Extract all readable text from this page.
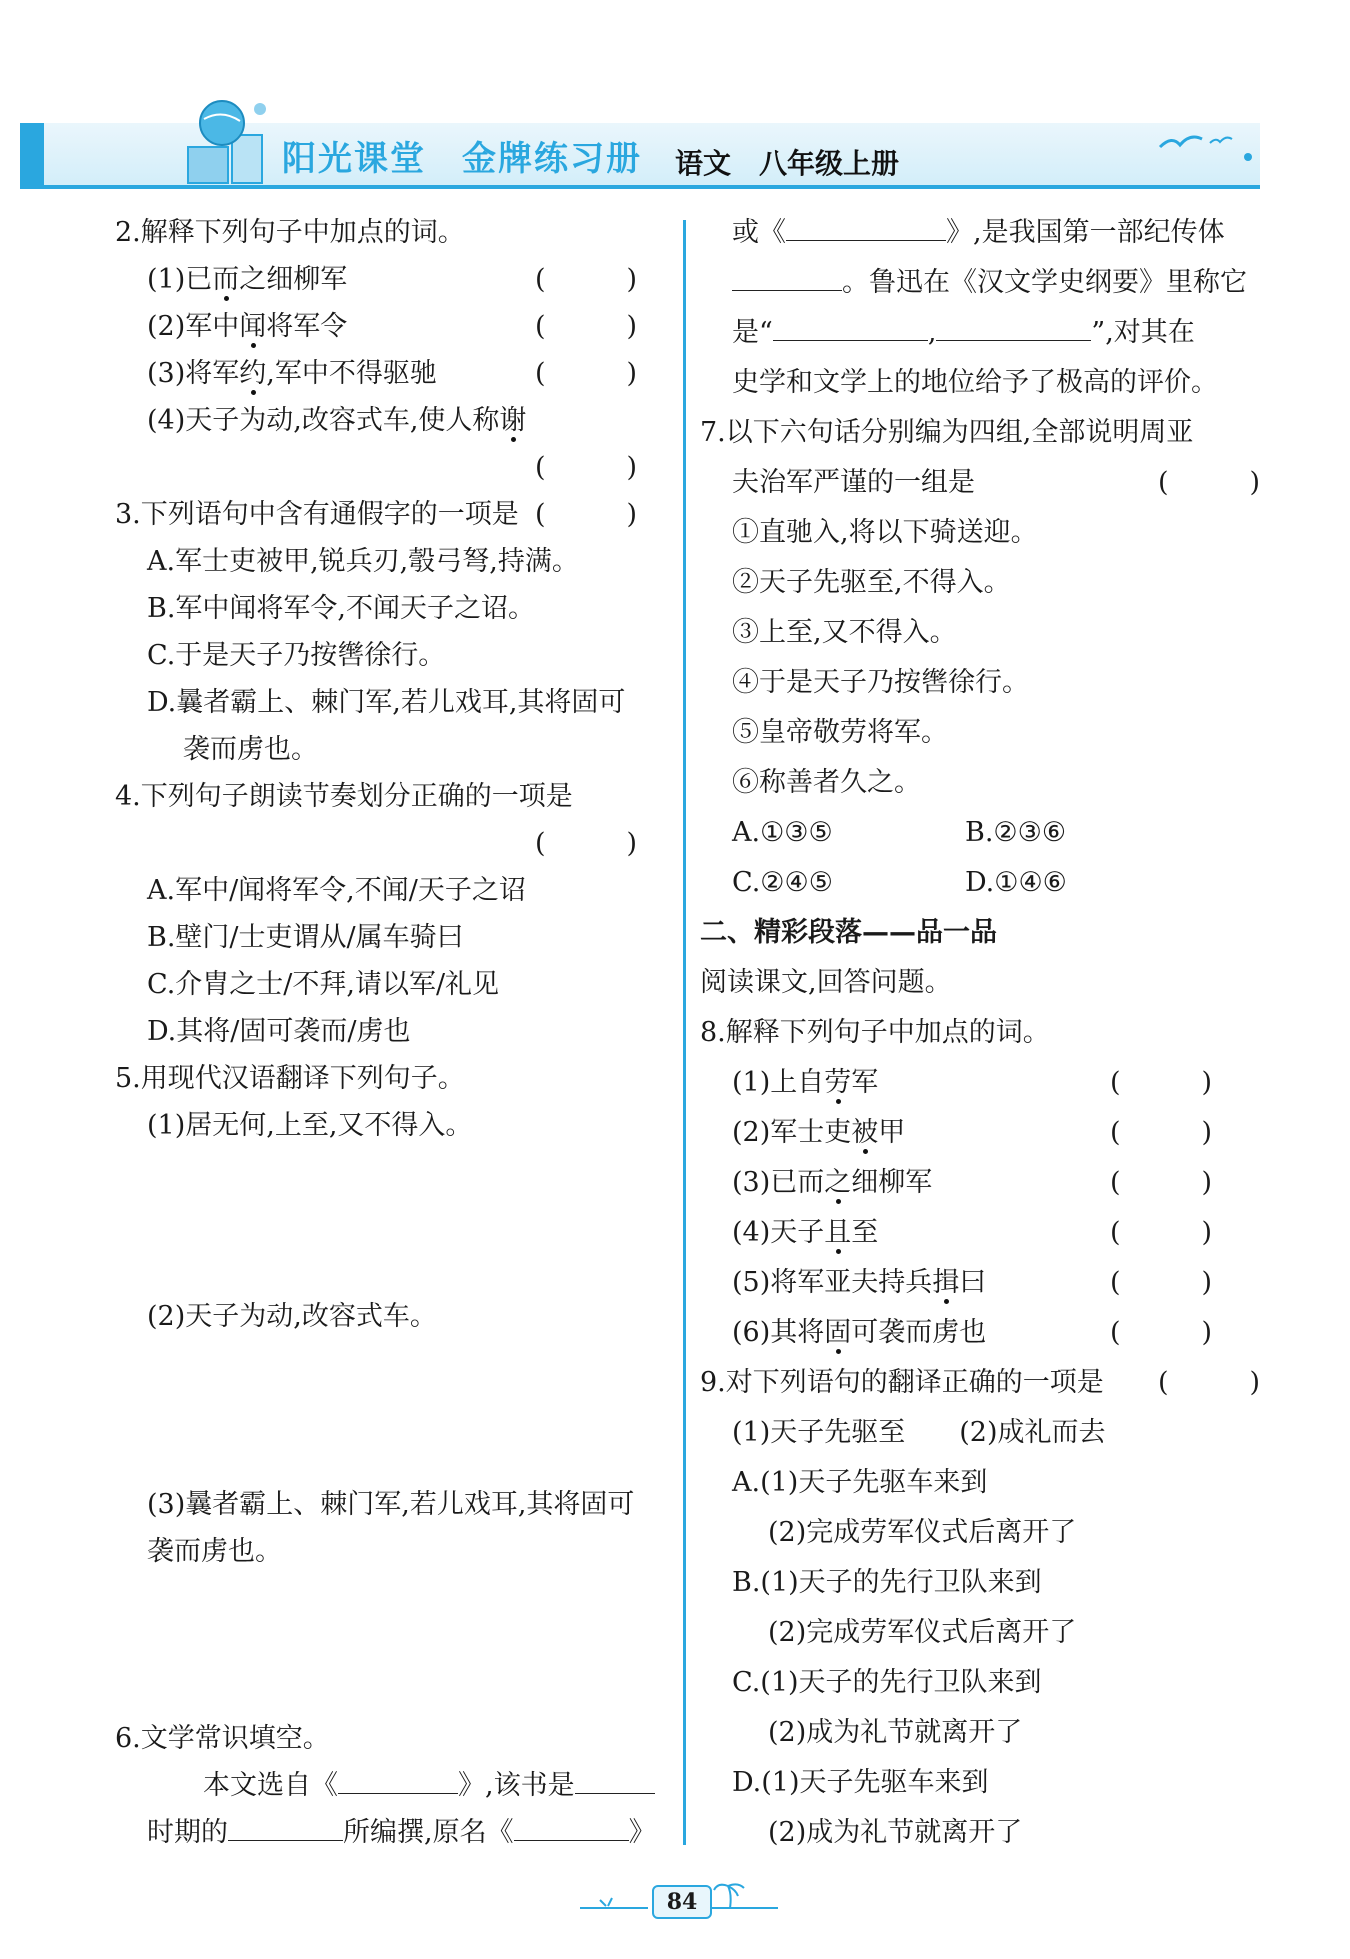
阳光课堂　金牌练习册 语文　八年级上册
2.解释下列句子中加点的词。
(1)已而之细柳军	(　　　)
(2)军中闻将军令	(　　　)
(3)将军约,军中不得驱驰	(　　　)
(4)天子为动,改容式车,使人称谢
(　　　)
3.下列语句中含有通假字的一项是 (　　　)
A.军士吏被甲,锐兵刃,彀弓弩,持满。
B.军中闻将军令,不闻天子之诏。
C.于是天子乃按辔徐行。
D.曩者霸上、棘门军,若儿戏耳,其将固可
袭而虏也。
4.下列句子朗读节奏划分正确的一项是
(　　　)
A.军中/闻将军令,不闻/天子之诏
B.壁门/士吏谓从/属车骑曰
C.介胄之士/不拜,请以军/礼见
D.其将/固可袭而/虏也
5.用现代汉语翻译下列句子。
(1)居无何,上至,又不得入。
(2)天子为动,改容式车。
(3)曩者霸上、棘门军,若儿戏耳,其将固可
袭而虏也。
6.文学常识填空。
本文选自《	》,该书是
时期的	所编撰,原名《	》
或《	》,是我国第一部纪传体
。鲁迅在《汉文学史纲要》里称它
是“	,	”,对其在
史学和文学上的地位给予了极高的评价。
7.以下六句话分别编为四组,全部说明周亚
夫治军严谨的一组是	(　　　)
①直驰入,将以下骑送迎。
②天子先驱至,不得入。
③上至,又不得入。
④于是天子乃按辔徐行。
⑤皇帝敬劳将军。
⑥称善者久之。
A.①③⑤	B.②③⑥
C.②④⑤	D.①④⑥
二、精彩段落——品一品
阅读课文,回答问题。
8.解释下列句子中加点的词。
(1)上自劳军	(　　　)
(2)军士吏被甲	(　　　)
(3)已而之细柳军	(　　　)
(4)天子且至	(　　　)
(5)将军亚夫持兵揖曰	(　　　)
(6)其将固可袭而虏也	(　　　)
9.对下列语句的翻译正确的一项是 (　　　)
(1)天子先驱至　　(2)成礼而去
A.(1)天子先驱车来到
(2)完成劳军仪式后离开了
B.(1)天子的先行卫队来到
(2)完成劳军仪式后离开了
C.(1)天子的先行卫队来到
(2)成为礼节就离开了
D.(1)天子先驱车来到
(2)成为礼节就离开了
84
